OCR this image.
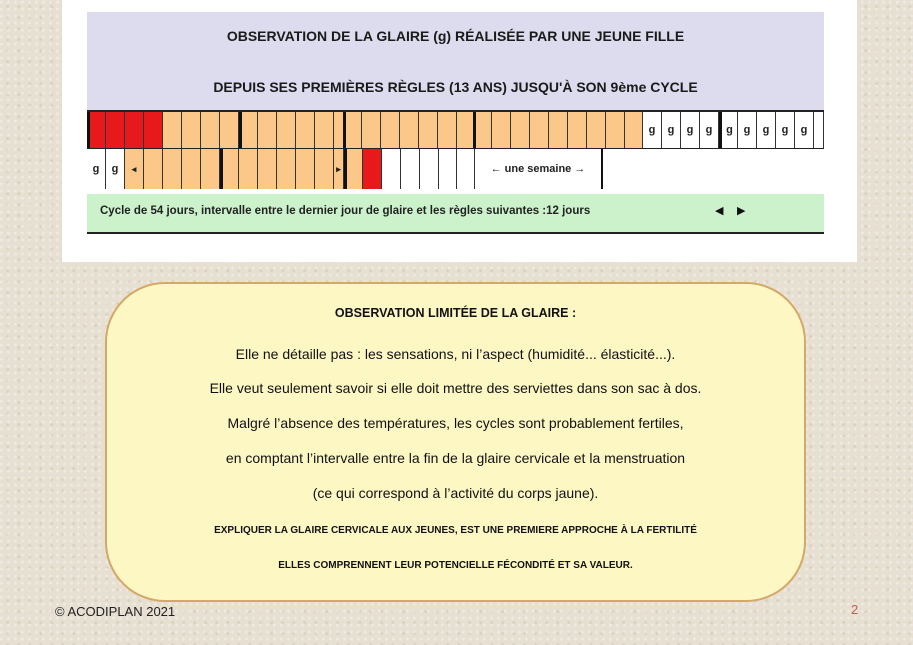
OBSERVATION DE LA GLAIRE (g) RÉALISÉE PAR UNE JEUNE FILLE
DEPUIS SES PREMIÈRES RÈGLES (13 ANS) JUSQU'À SON 9ème CYCLE
g	g	g	g	g g	g	g	g
g	g	◂	▸	← une semaine →
Cycle de 54 jours, intervalle entre le dernier jour de glaire et les règles suivantes :12 jours	◀ ▶
OBSERVATION LIMITÉE DE LA GLAIRE :
Elle ne détaille pas : les sensations, ni l’aspect (humidité... élasticité...).
Elle veut seulement savoir si elle doit mettre des serviettes dans son sac à dos.
Malgré l’absence des températures, les cycles sont probablement fertiles,
en comptant l’intervalle entre la fin de la glaire cervicale et la menstruation
(ce qui correspond à l’activité du corps jaune).
EXPLIQUER LA GLAIRE CERVICALE AUX JEUNES, EST UNE PREMIERE APPROCHE À LA FERTILITÉ
ELLES COMPRENNENT LEUR POTENCIELLE FÉCONDITÉ ET SA VALEUR.
© ACODIPLAN 2021	2
